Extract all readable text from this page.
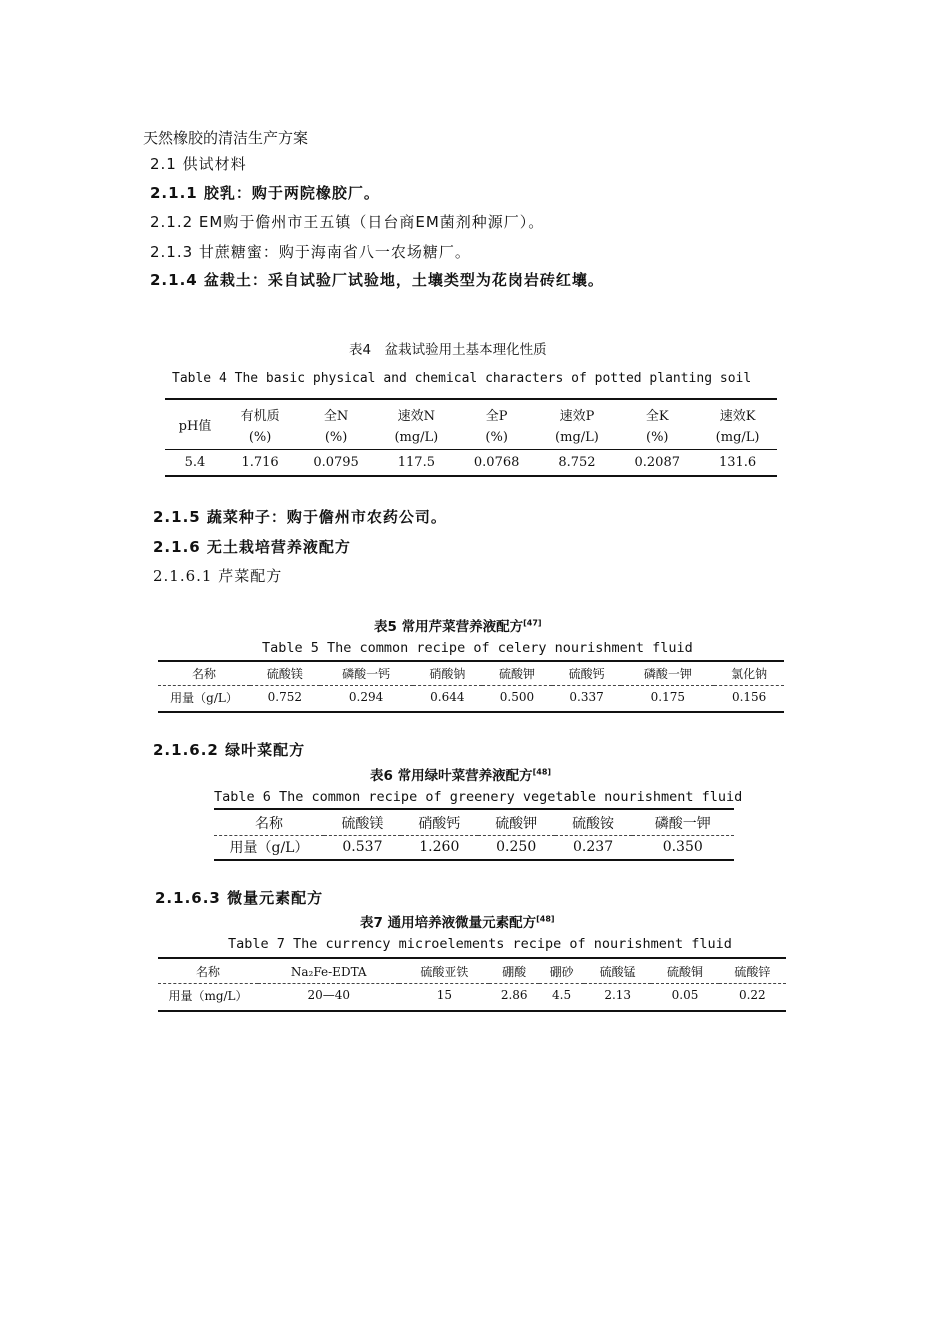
天然橡胶的清洁生产方案
2.1 供试材料
2.1.1 胶乳：购于两院橡胶厂。
2.1.2 EM购于儋州市王五镇（日台商EM菌剂种源厂）。
2.1.3 甘蔗糖蜜：购于海南省八一农场糖厂。
2.1.4 盆栽土：采自试验厂试验地，土壤类型为花岗岩砖红壤。
表4　盆栽试验用土基本理化性质
Table 4 The basic physical and chemical characters of potted planting soil
pH值	有机质	全N	速效N	全P	速效P	全K	速效K
	(%)	(%)	(mg/L)	(%)	(mg/L)	(%)	(mg/L)
5.4	1.716	0.0795	117.5	0.0768	8.752	0.2087	131.6
2.1.5 蔬菜种子：购于儋州市农药公司。
2.1.6 无土栽培营养液配方
2.1.6.1 芹菜配方
表5 常用芹菜营养液配方[47]
Table 5 The common recipe of celery nourishment fluid
名称	硫酸镁	磷酸一钙	硝酸钠	硫酸钾	硫酸钙	磷酸一钾	氯化钠
用量（g/L）	0.752	0.294	0.644	0.500	0.337	0.175	0.156
2.1.6.2 绿叶菜配方
表6 常用绿叶菜营养液配方[48]
Table 6 The common recipe of greenery vegetable nourishment fluid
名称	硫酸镁	硝酸钙	硫酸钾	硫酸铵	磷酸一钾
用量（g/L）	0.537	1.260	0.250	0.237	0.350
2.1.6.3 微量元素配方
表7 通用培养液微量元素配方[48]
Table 7 The currency microelements recipe of nourishment fluid
名称	Na₂Fe-EDTA	硫酸亚铁	硼酸	硼砂	硫酸锰	硫酸铜	硫酸锌
用量（mg/L）	20—40	15	2.86	4.5	2.13	0.05	0.22
